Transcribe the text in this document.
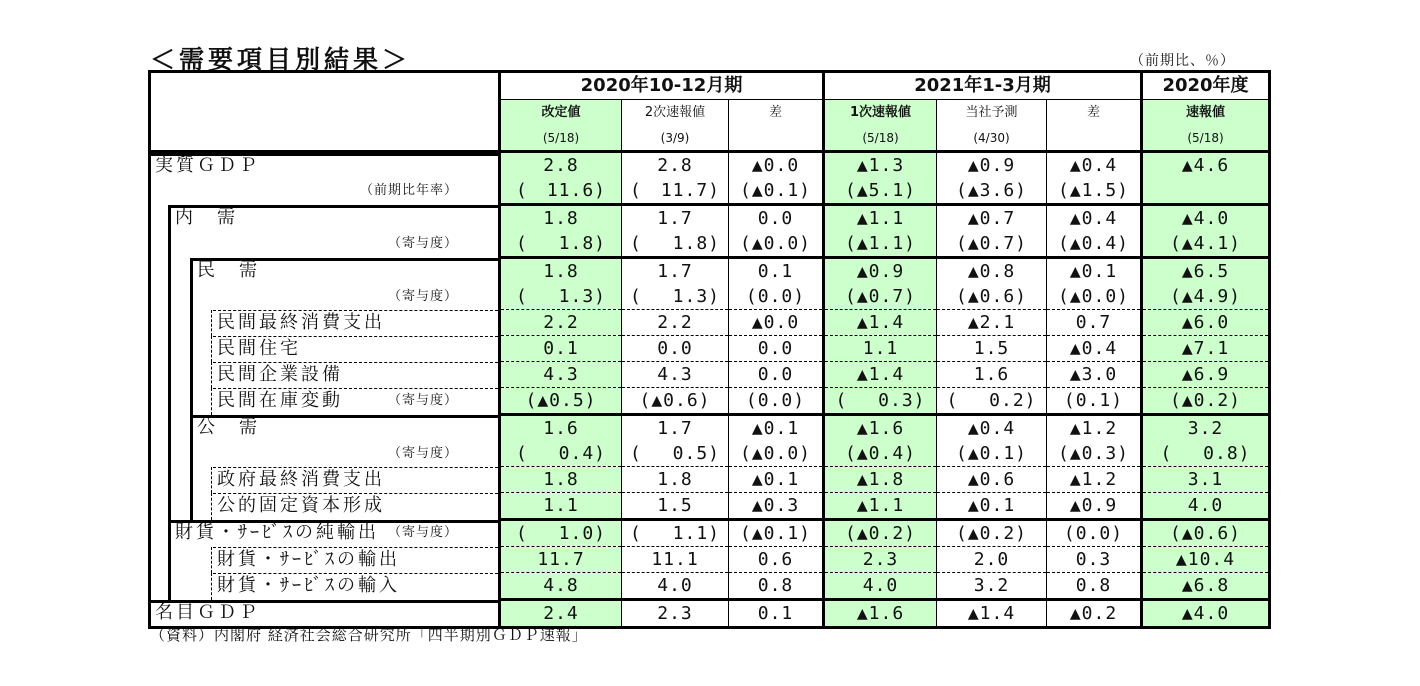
＜需要項目別結果＞	（前期比、％）
	2020年10-12月期			2021年1-3月期			2020年度
	改定値	2次速報値	差	1次速報値	当社予測	差	速報値
	(5/18)	(3/9)		(5/18)	(4/30)		(5/18)

実質ＧＤＰ	2.8	2.8	▲0.0	▲1.3	▲0.9	▲0.4	▲4.6

（前期比年率）	(　11.6)	(　11.7)	(▲0.1)	(▲5.1)	(▲3.6)	(▲1.5)	

内　需	1.8	1.7	0.0	▲1.1	▲0.7	▲0.4	▲4.0

（寄与度）	(　 1.8)	(　 1.8)	(▲0.0)	(▲1.1)	(▲0.7)	(▲0.4)	(▲4.1)

民　需	1.8	1.7	0.1	▲0.9	▲0.8	▲0.1	▲6.5

（寄与度）	(　 1.3)	(　 1.3)	(0.0)	(▲0.7)	(▲0.6)	(▲0.0)	(▲4.9)

民間最終消費支出	2.2	2.2	▲0.0	▲1.4	▲2.1	0.7	▲6.0

民間住宅	0.1	0.0	0.0	1.1	1.5	▲0.4	▲7.1

民間企業設備	4.3	4.3	0.0	▲1.4	1.6	▲3.0	▲6.9

民間在庫変動 （寄与度）	(▲0.5)	(▲0.6)	(0.0)	(　 0.3)	(　 0.2)	(0.1)	(▲0.2)

公　需	1.6	1.7	▲0.1	▲1.6	▲0.4	▲1.2	3.2

（寄与度）	(　 0.4)	(　 0.5)	(▲0.0)	(▲0.4)	(▲0.1)	(▲0.3)	(　 0.8)

政府最終消費支出	1.8	1.8	▲0.1	▲1.8	▲0.6	▲1.2	3.1

公的固定資本形成	1.1	1.5	▲0.3	▲1.1	▲0.1	▲0.9	4.0

財貨・ｻｰﾋﾞｽの純輸出 （寄与度）	(　 1.0)	(　 1.1)	(▲0.1)	(▲0.2)	(▲0.2)	(0.0)	(▲0.6)

財貨・ｻｰﾋﾞｽの輸出	11.7	11.1	0.6	2.3	2.0	0.3	▲10.4

財貨・ｻｰﾋﾞｽの輸入	4.8	4.0	0.8	4.0	3.2	0.8	▲6.8

名目ＧＤＰ	2.4	2.3	0.1	▲1.6	▲1.4	▲0.2	▲4.0
（資料）内閣府 経済社会総合研究所「四半期別ＧＤＰ速報」
